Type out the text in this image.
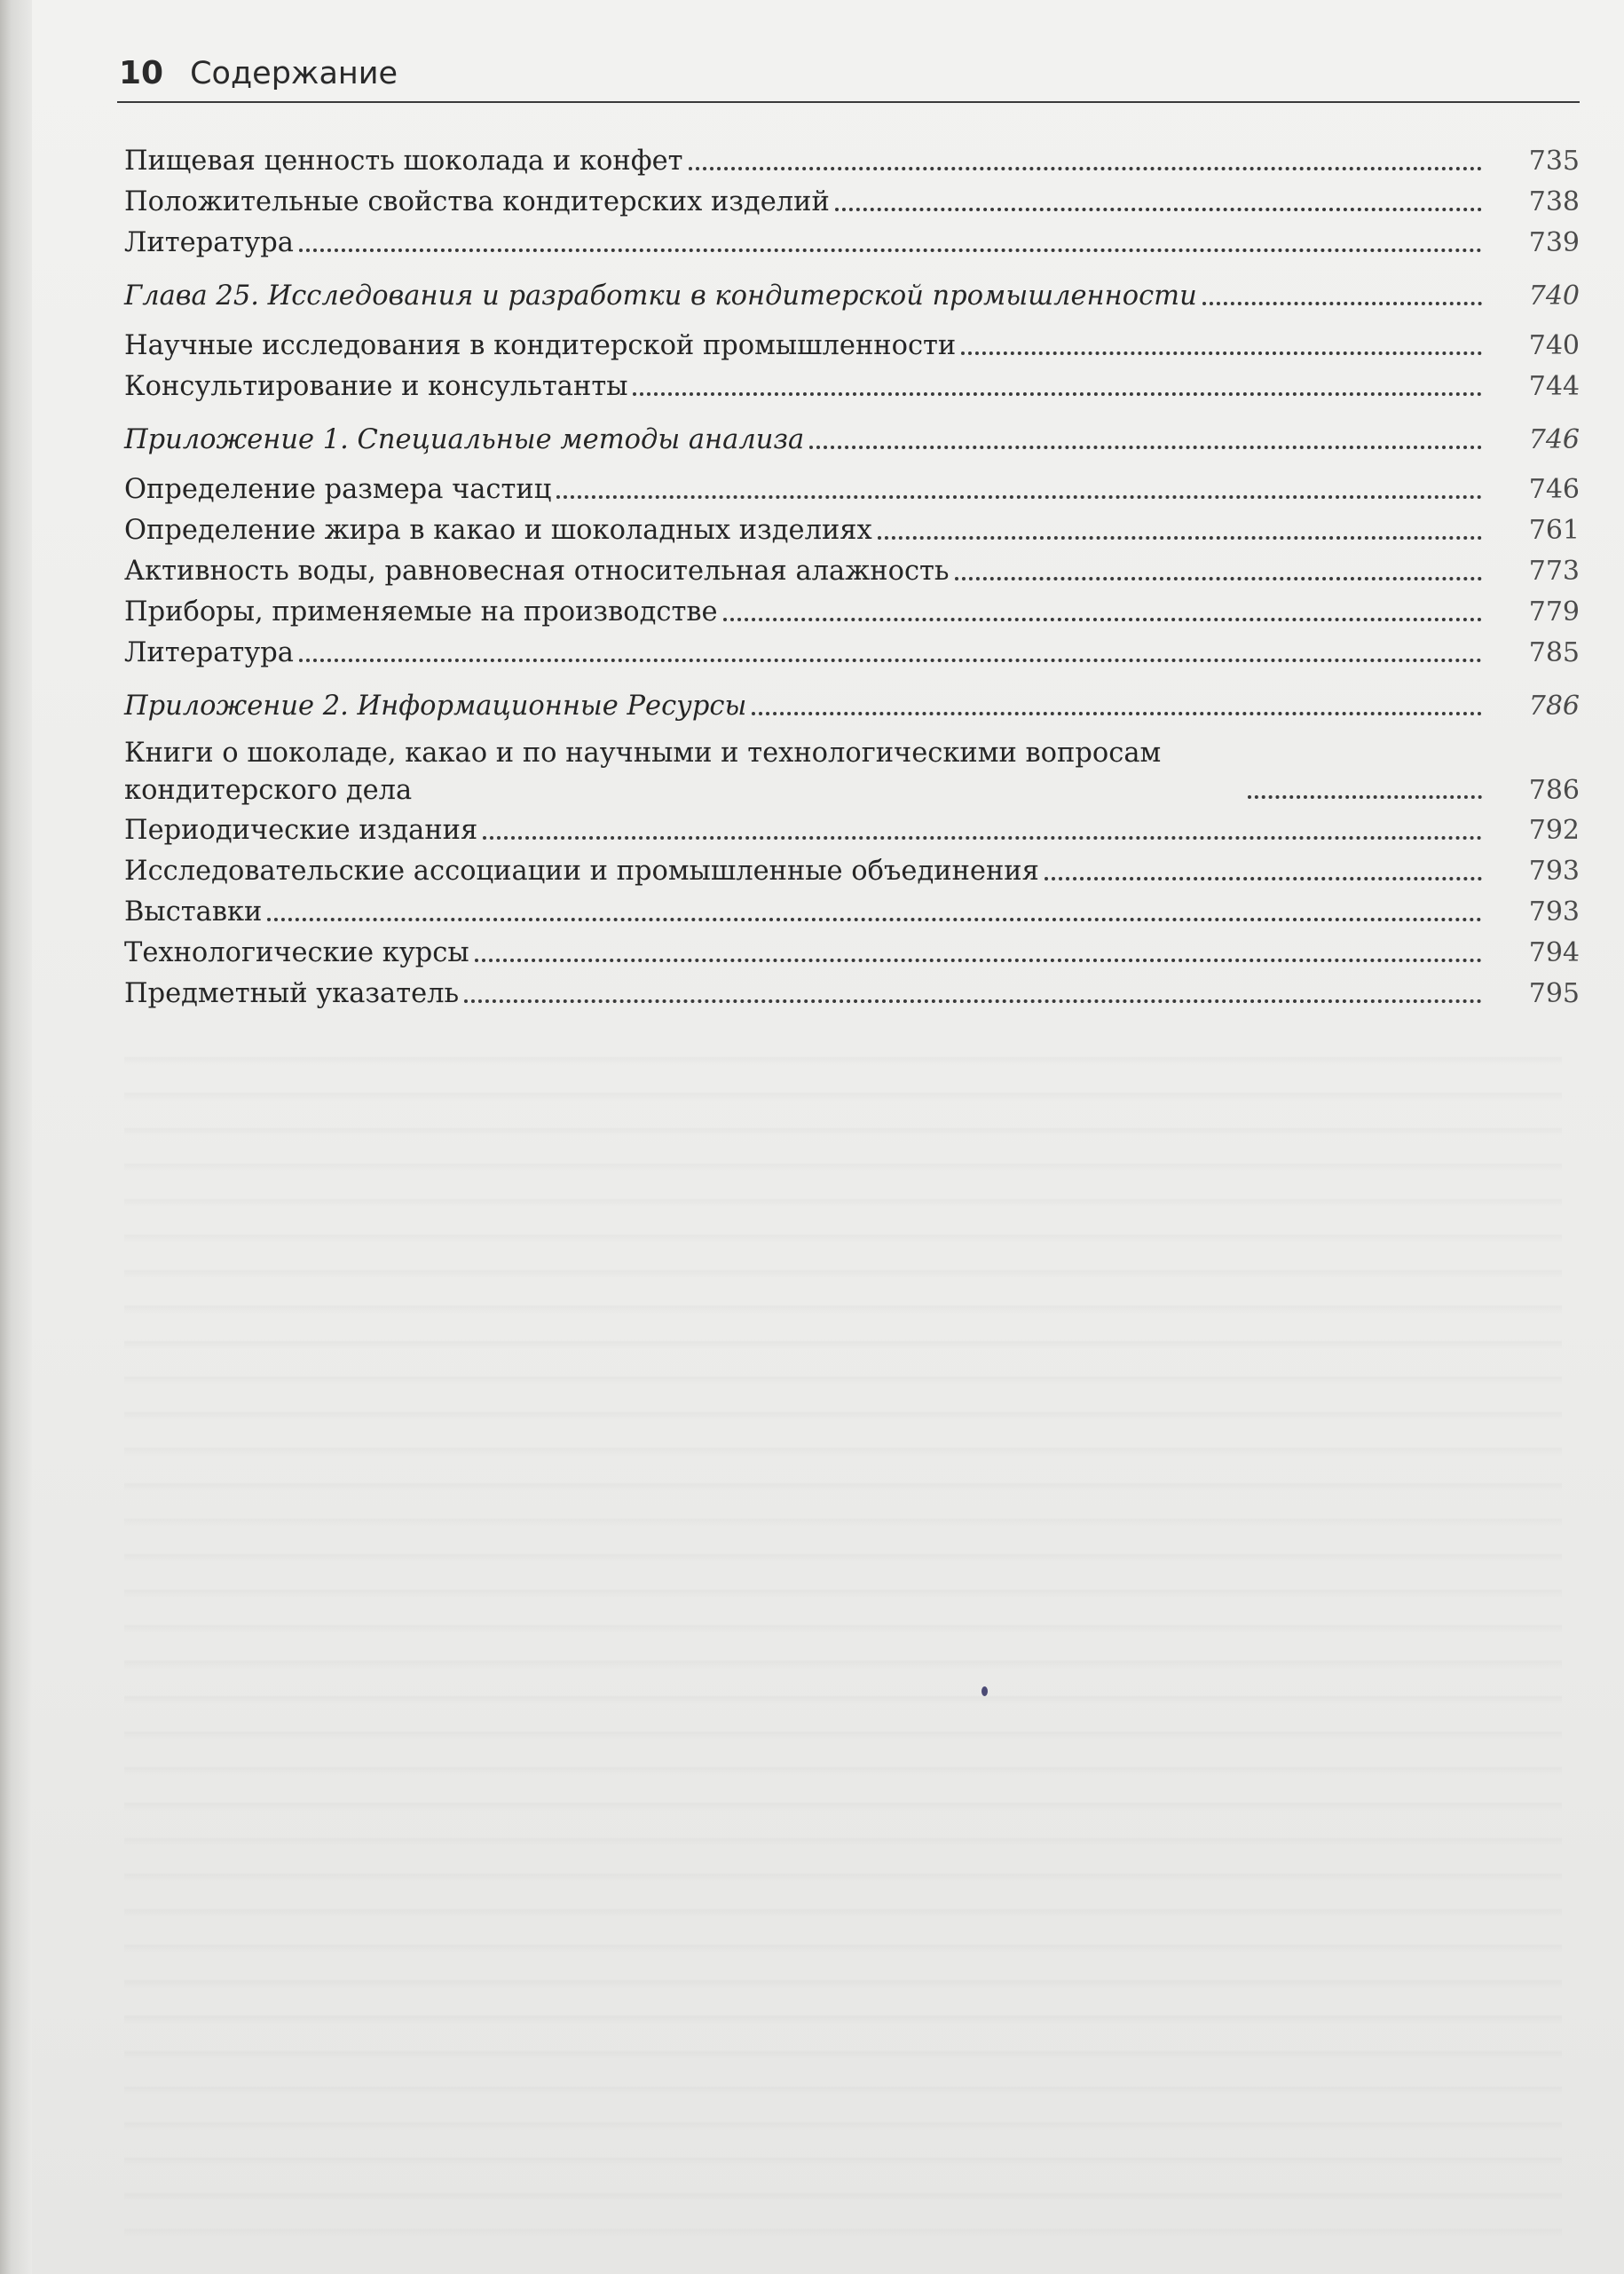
10 Содержание
Пищевая ценность шоколада и конфет	735
Положительные свойства кондитерских изделий	738
Литература	739
Глава 25. Исследования и разработки в кондитерской промышленности	740
Научные исследования в кондитерской промышленности	740
Консультирование и консультанты	744
Приложение 1. Специальные методы анализа	746
Определение размера частиц	746
Определение жира в какао и шоколадных изделиях	761
Активность воды, равновесная относительная алажность	773
Приборы, применяемые на производстве	779
Литература	785
Приложение 2. Информационные Ресурсы	786
Книги о шоколаде, какао и по научными и технологическими вопросам кондитерского дела	786
Периодические издания	792
Исследовательские ассоциации и промышленные объединения	793
Выставки	793
Технологические курсы	794
Предметный указатель	795
